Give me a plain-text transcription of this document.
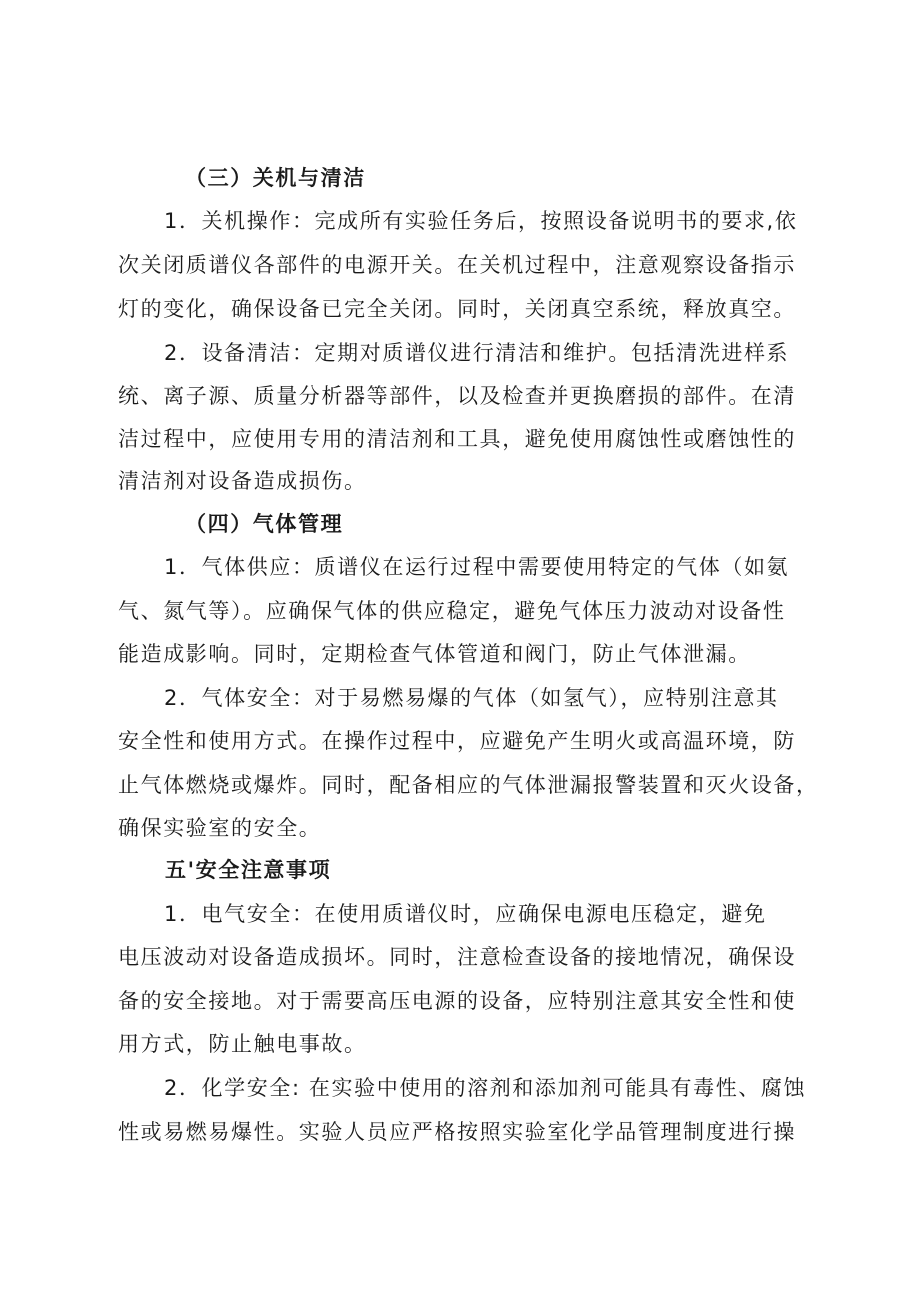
（三）关机与清洁
1．关机操作：完成所有实验任务后，按照设备说明书的要求,依
次关闭质谱仪各部件的电源开关。在关机过程中，注意观察设备指示
灯的变化，确保设备已完全关闭。同时，关闭真空系统，释放真空。
2．设备清洁：定期对质谱仪进行清洁和维护。包括清洗进样系
统、离子源、质量分析器等部件，以及检查并更换磨损的部件。在清
洁过程中，应使用专用的清洁剂和工具，避免使用腐蚀性或磨蚀性的
清洁剂对设备造成损伤。
（四）气体管理
1．气体供应：质谱仪在运行过程中需要使用特定的气体（如氨
气、氮气等）。应确保气体的供应稳定，避免气体压力波动对设备性
能造成影响。同时，定期检查气体管道和阀门，防止气体泄漏。
2．气体安全：对于易燃易爆的气体（如氢气），应特别注意其
安全性和使用方式。在操作过程中，应避免产生明火或高温环境，防
止气体燃烧或爆炸。同时，配备相应的气体泄漏报警装置和灭火设备，
确保实验室的安全。
五'安全注意事项
1．电气安全：在使用质谱仪时，应确保电源电压稳定，避免
电压波动对设备造成损坏。同时，注意检查设备的接地情况，确保设
备的安全接地。对于需要高压电源的设备，应特别注意其安全性和使
用方式，防止触电事故。
2．化学安全: 在实验中使用的溶剂和添加剂可能具有毒性、腐蚀
性或易燃易爆性。实验人员应严格按照实验室化学品管理制度进行操
